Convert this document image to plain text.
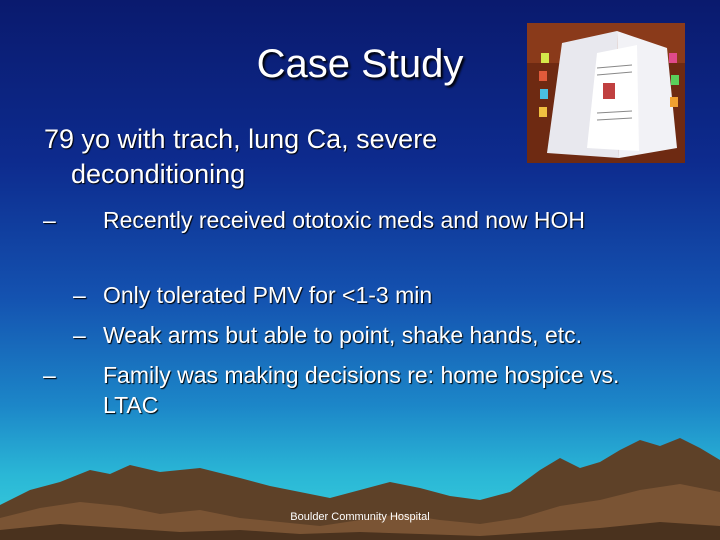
Case Study
79 yo with trach, lung Ca, severe deconditioning
– Recently received ototoxic meds and now HOH
– Only tolerated PMV for <1-3 min
– Weak arms but able to point, shake hands, etc.
– Family was making decisions re: home hospice vs. LTAC
Boulder Community Hospital
